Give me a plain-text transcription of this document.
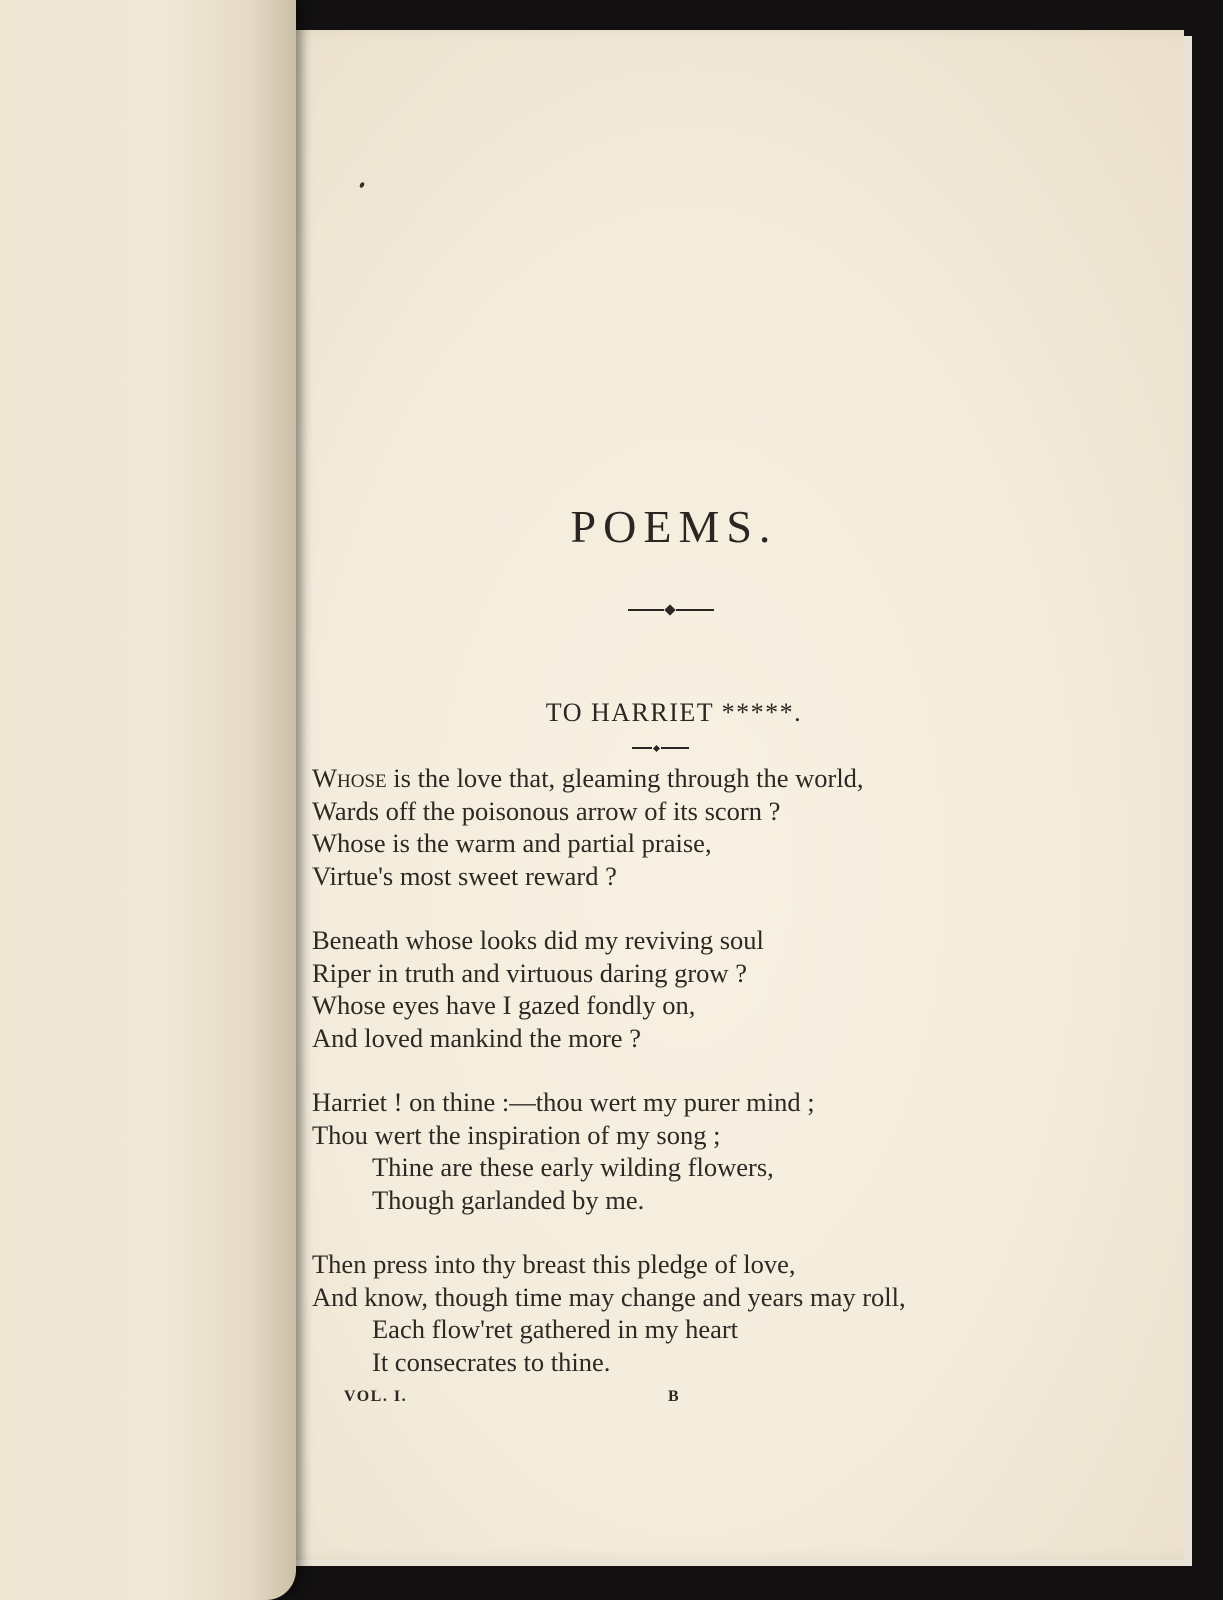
POEMS.
TO HARRIET *****.
Whose is the love that, gleaming through the world,
Wards off the poisonous arrow of its scorn ?
Whose is the warm and partial praise,
Virtue's most sweet reward ?
Beneath whose looks did my reviving soul
Riper in truth and virtuous daring grow ?
Whose eyes have I gazed fondly on,
And loved mankind the more ?
Harriet ! on thine :—thou wert my purer mind ;
Thou wert the inspiration of my song ;
Thine are these early wilding flowers,
Though garlanded by me.
Then press into thy breast this pledge of love,
And know, though time may change and years may roll,
Each flow'ret gathered in my heart
It consecrates to thine.
VOL. I.	B
